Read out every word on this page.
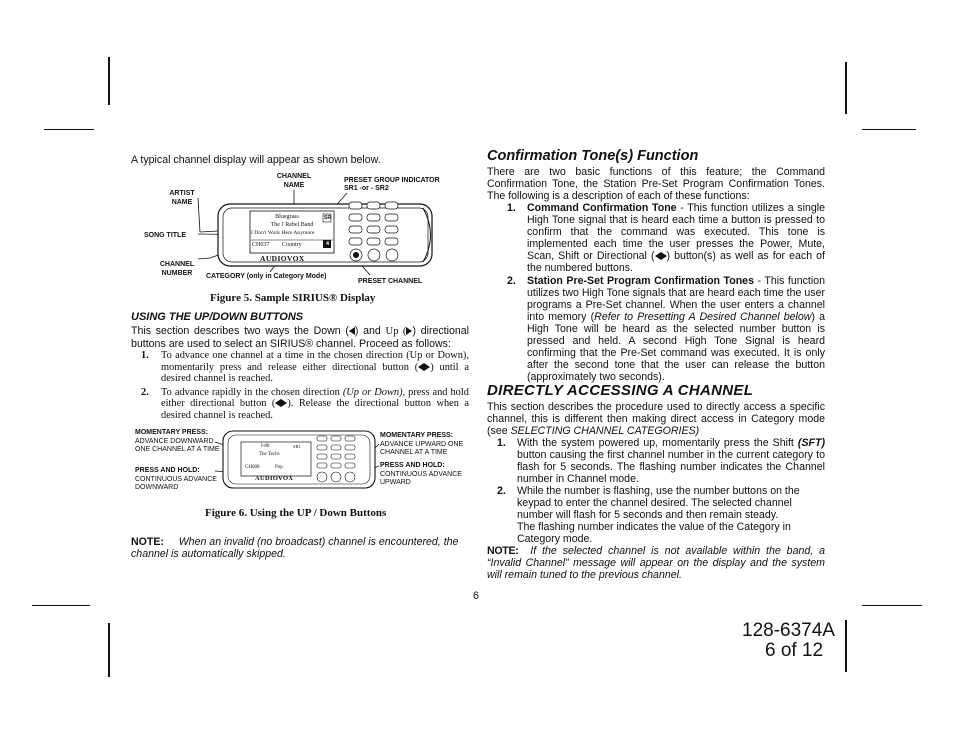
A typical channel display will appear as shown below.

CHANNEL NAME
PRESET GROUP INDICATOR
SR1 -or - SR2
ARTIST NAME
SONG TITLE
CHANNEL NUMBER	CATEGORY (only in Category Mode)
PRESET CHANNEL
Bluegrass
The J Rebel Band
I Don't Work Here Anymore
CH037 Country	4
SR
AUDIOVOX
Figure 5. Sample SIRIUS® Display

USING THE UP/DOWN BUTTONS

This section describes two ways the Down ( ) and Up ( ) directional buttons are used to select an SIRIUS® channel. Proceed as follows:
1.	To advance one channel at a time in the chosen direction (Up or Down), momentarily press and release either directional button ( ) until a desired channel is reached.
2.	To advance rapidly in the chosen direction (Up or Down), press and hold either directional button ( ). Release the directional button when a desired channel is reached.
MOMENTARY PRESS:
ADVANCE DOWNWARD ONE CHANNEL AT A TIME
PRESS AND HOLD:
CONTINUOUS ADVANCE DOWNWARD
MOMENTARY PRESS:
ADVANCE UPWARD ONE CHANNEL AT A TIME
PRESS AND HOLD:
CONTINUOUS ADVANCE UPWARD
I-80	SR1
The Techs
CH008	Pop
AUDIOVOX
Figure 6. Using the UP / Down Buttons
NOTE: When an invalid (no broadcast) channel is encountered, the channel is automatically skipped.

Confirmation Tone(s) Function

There are two basic functions of this feature; the Command Confirmation Tone, the Station Pre-Set Program Confirmation Tones. The following is a description of each of these functions:
1.	Command Confirmation Tone - This function utilizes a single High Tone signal that is heard each time a button is pressed to confirm that the command was executed. This tone is implemented each time the user presses the Power, Mute, Scan, Shift or Directional ( ) button(s) as well as for each of the numbered buttons.
2.	Station Pre-Set Program Confirmation Tones - This function utilizes two High Tone signals that are heard each time the user programs a Pre-Set channel. When the user enters a channel into memory (Refer to Presetting A Desired Channel below) a High Tone will be heard as the selected number button is pressed and held. A second High Tone Signal is heard confirming that the Pre-Set command was executed. It is only after the second tone that the user can release the button (approximately two seconds).

DIRECTLY ACCESSING A CHANNEL

This section describes the procedure used to directly access a specific channel, this is different then making direct access in Category mode (see SELECTING CHANNEL CATEGORIES)
1.	With the system powered up, momentarily press the Shift (SFT) button causing the first channel number in the current category to flash for 5 seconds. The flashing number indicates the Channel number in Channel mode.
2.	While the number is flashing, use the number buttons on the keypad to enter the channel desired. The selected channel number will flash for 5 seconds and then remain steady.
The flashing number indicates the value of the Category in Category mode.
NOTE: If the selected channel is not available within the band, a “Invalid Channel” message will appear on the display and the system will remain tuned to the previous channel.
6
128-6374A
6 of 12
